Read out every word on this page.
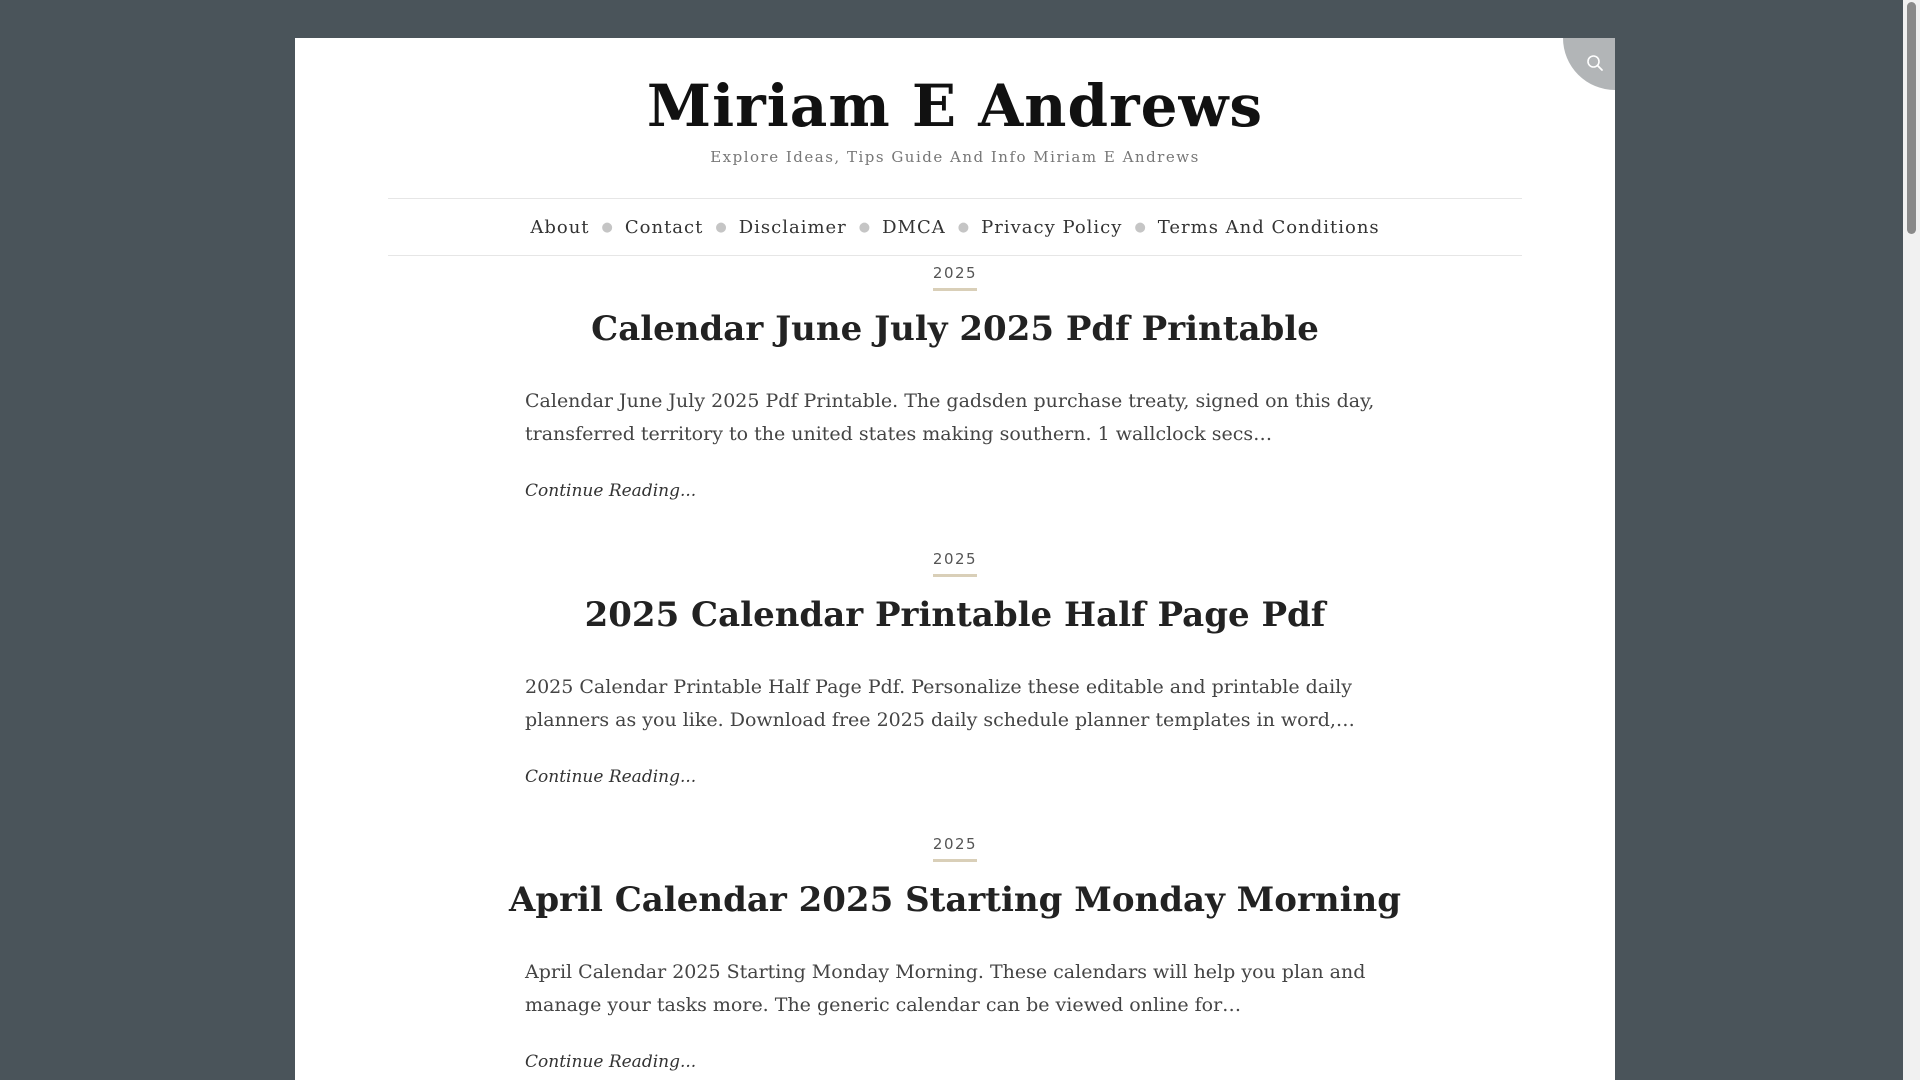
Miriam E Andrews
Explore Ideas, Tips Guide And Info Miriam E Andrews
About ● Contact ● Disclaimer ● DMCA ● Privacy Policy ● Terms And Conditions
2025
Calendar June July 2025 Pdf Printable

Calendar June July 2025 Pdf Printable. The gadsden purchase treaty, signed on this day, transferred territory to the united states making southern. 1 wallclock secs…

Continue Reading...
2025
2025 Calendar Printable Half Page Pdf

2025 Calendar Printable Half Page Pdf. Personalize these editable and printable daily planners as you like. Download free 2025 daily schedule planner templates in word,…

Continue Reading...
2025
April Calendar 2025 Starting Monday Morning

April Calendar 2025 Starting Monday Morning. These calendars will help you plan and manage your tasks more. The generic calendar can be viewed online for…

Continue Reading...
